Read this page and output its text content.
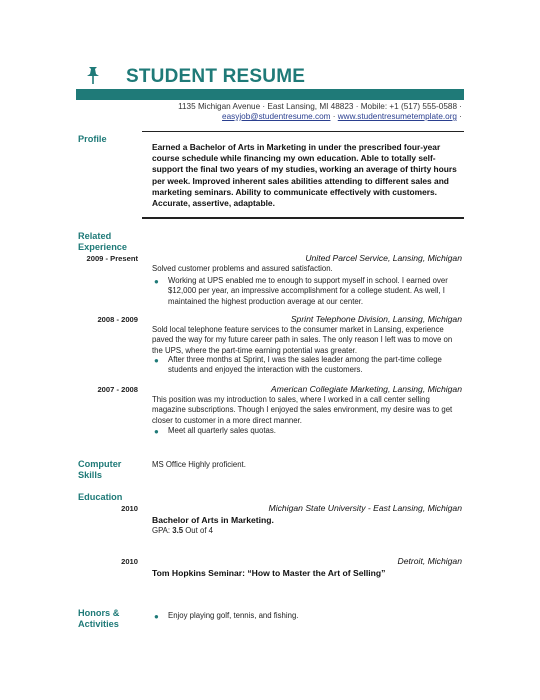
STUDENT RESUME
1135 Michigan Avenue · East Lansing, MI 48823 · Mobile: +1 (517) 555-0588 ·
easyjob@studentresume.com · www.studentresumetemplate.org ·
Profile
Earned a Bachelor of Arts in Marketing in under the prescribed four-year course schedule while financing my own education. Able to totally self-support the final two years of my studies, working an average of thirty hours per week. Improved inherent sales abilities attending to different sales and marketing seminars. Ability to communicate effectively with customers. Accurate, assertive, adaptable.
Related Experience
2009 - Present	United Parcel Service, Lansing, Michigan
Solved customer problems and assured satisfaction.
● Working at UPS enabled me to enough to support myself in school. I earned over $12,000 per year, an impressive accomplishment for a college student. As well, I maintained the highest production average at our center.
2008 - 2009	Sprint Telephone Division, Lansing, Michigan
Sold local telephone feature services to the consumer market in Lansing, experience paved the way for my future career path in sales. The only reason I left was to move on the UPS, where the part-time earning potential was greater.
● After three months at Sprint, I was the sales leader among the part-time college students and enjoyed the interaction with the customers.
2007 - 2008	American Collegiate Marketing, Lansing, Michigan
This position was my introduction to sales, where I worked in a call center selling magazine subscriptions. Though I enjoyed the sales environment, my desire was to get closer to customer in a more direct manner.
● Meet all quarterly sales quotas.
Computer Skills
MS Office Highly proficient.
Education
2010	Michigan State University - East Lansing, Michigan
Bachelor of Arts in Marketing.
GPA: 3.5 Out of 4
2010	Detroit, Michigan
Tom Hopkins Seminar: “How to Master the Art of Selling”
Honors & Activities
● Enjoy playing golf, tennis, and fishing.
